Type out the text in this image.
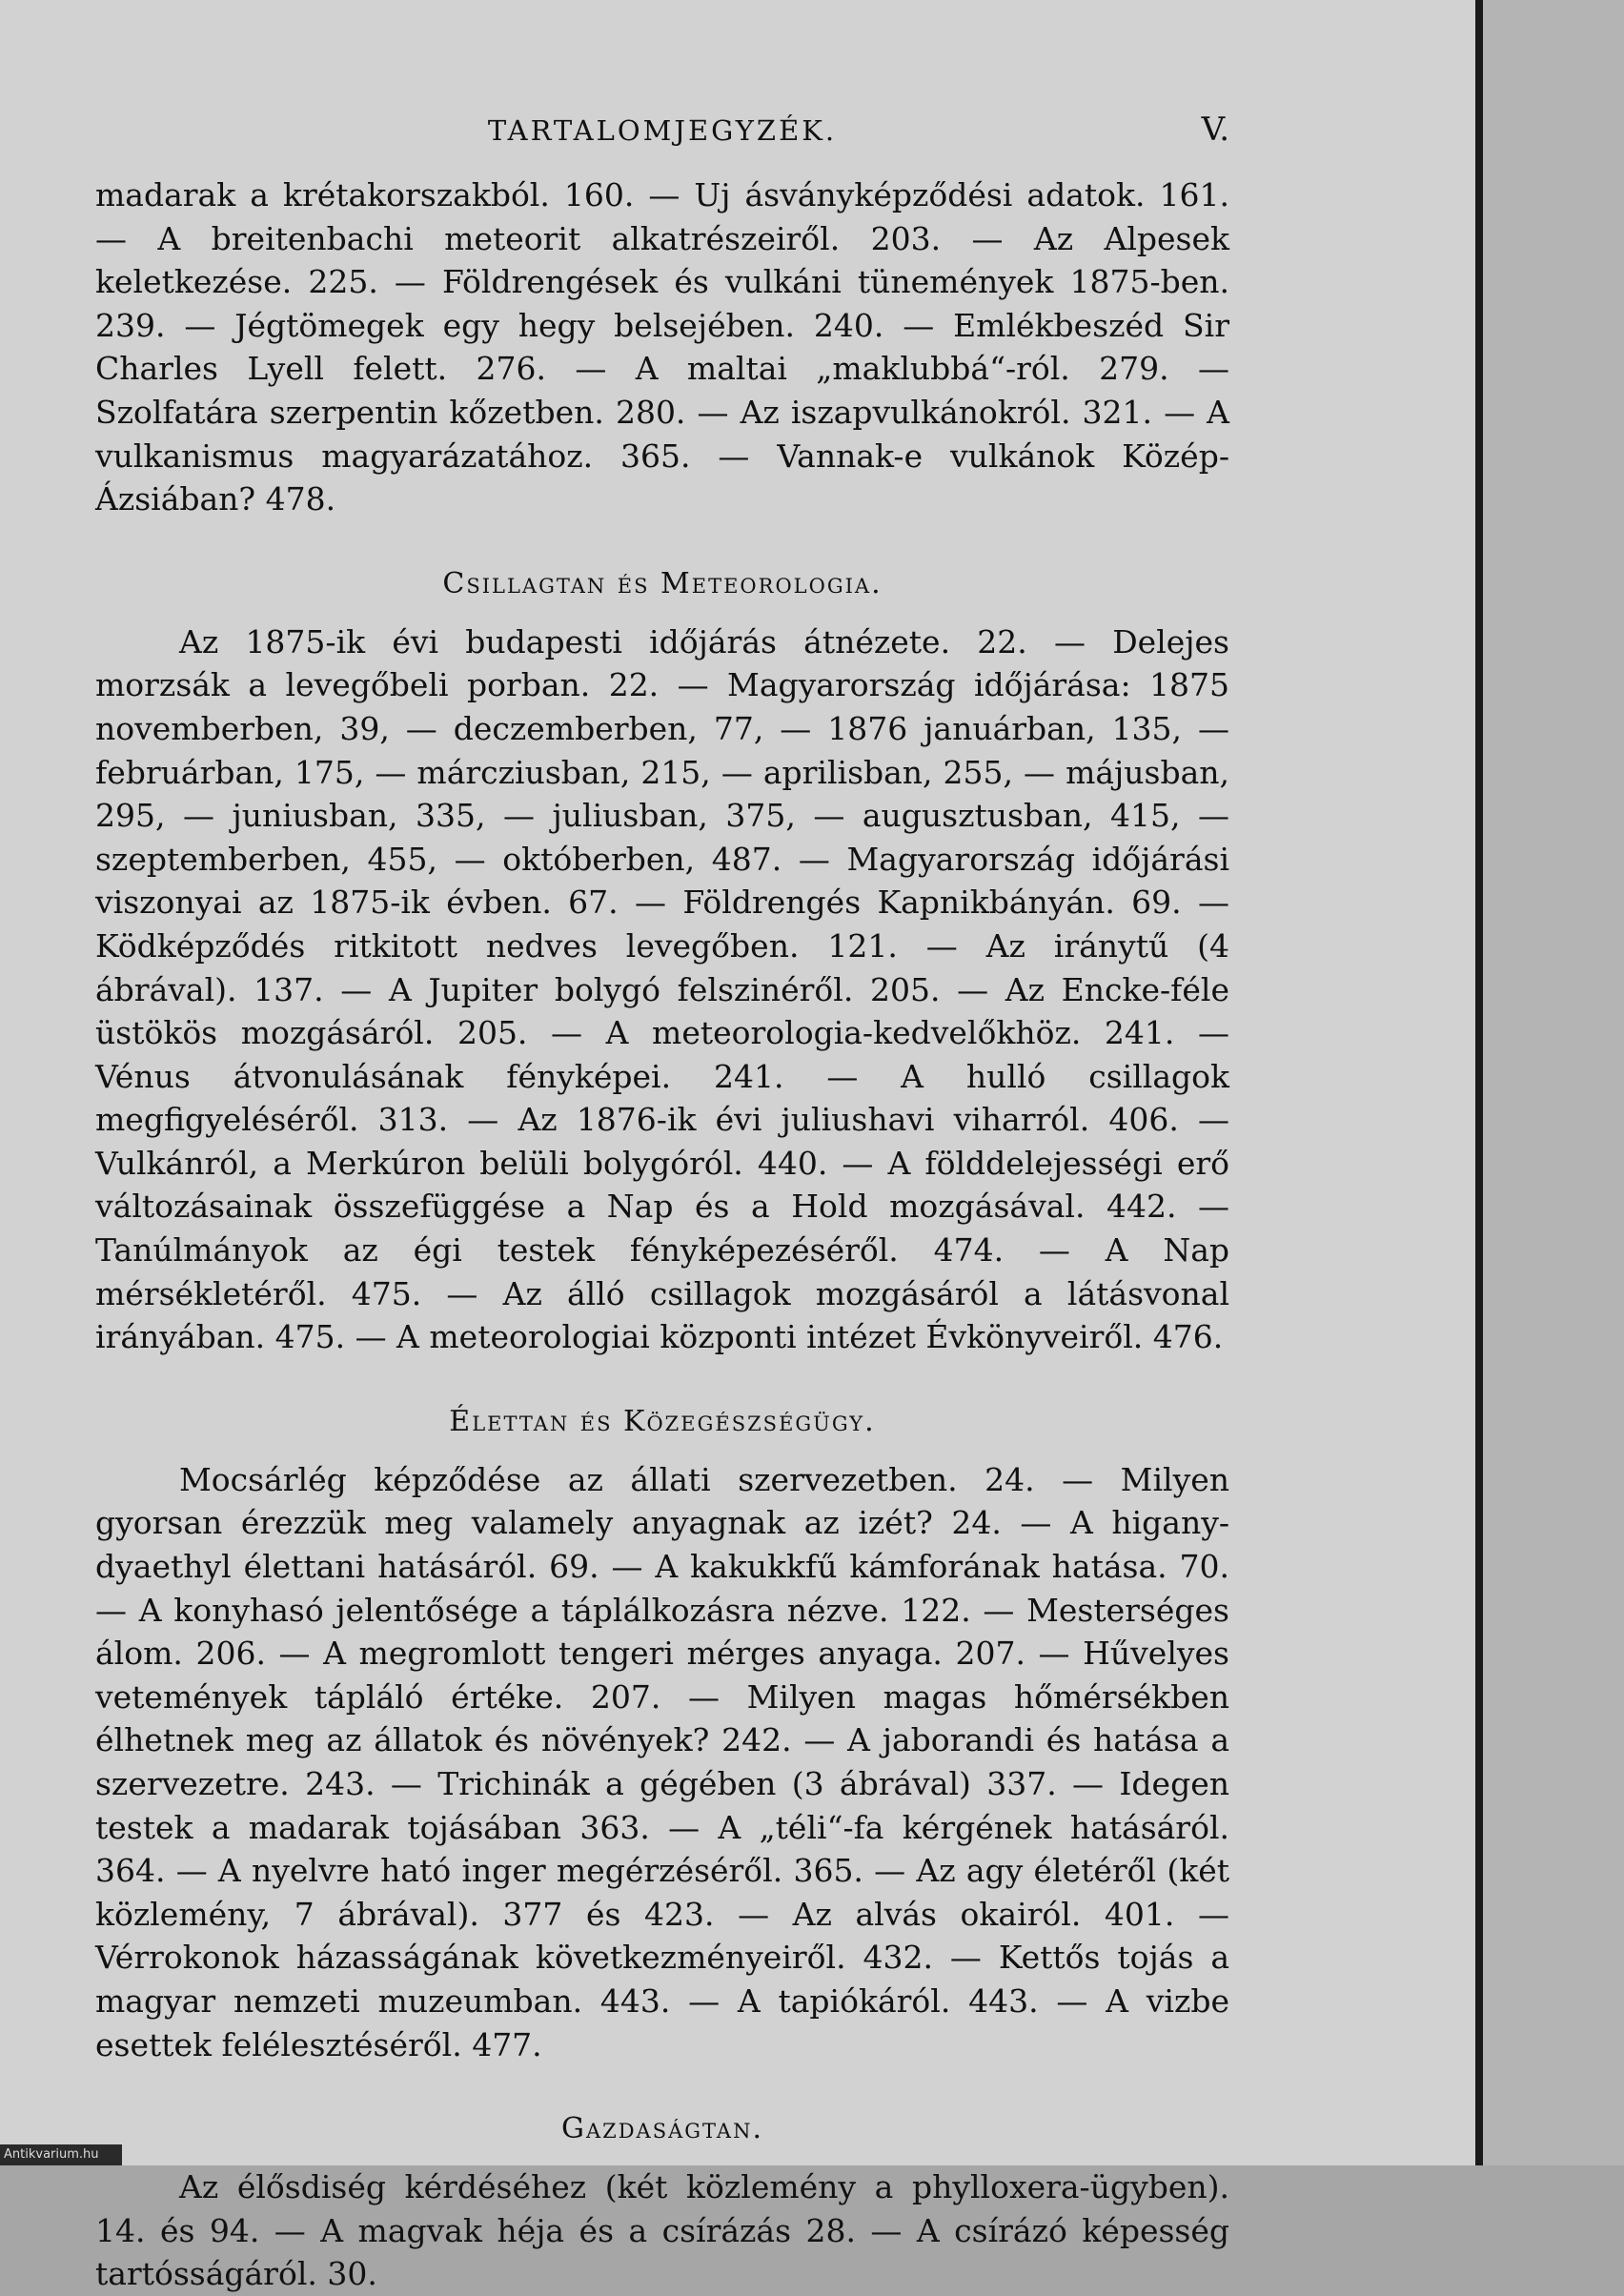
TARTALOMJEGYZÉK.	V.

madarak a krétakorszakból. 160. — Uj ásványképződési adatok. 161. — A breitenbachi meteorit alkatrészeiről. 203. — Az Alpesek keletkezése. 225. — Földrengések és vulkáni tünemények 1875-ben. 239. — Jégtömegek egy hegy belsejében. 240. — Emlékbeszéd Sir Charles Lyell felett. 276. — A maltai „maklubbá“-ról. 279. — Szolfatára szerpentin kőzetben. 280. — Az iszapvulkánokról. 321. — A vulkanismus magyarázatához. 365. — Vannak-e vulkánok Közép-Ázsiában? 478.

Csillagtan és Meteorologia.

Az 1875-ik évi budapesti időjárás átnézete. 22. — Delejes morzsák a levegőbeli porban. 22. — Magyarország időjárása: 1875 novemberben, 39, — deczemberben, 77, — 1876 januárban, 135, — februárban, 175, — márcziusban, 215, — aprilisban, 255, — májusban, 295, — juniusban, 335, — juliusban, 375, — augusztusban, 415, — szeptemberben, 455, — októberben, 487. — Magyarország időjárási viszonyai az 1875-ik évben. 67. — Földrengés Kapnikbányán. 69. — Ködképződés ritkitott nedves levegőben. 121. — Az iránytű (4 ábrával). 137. — A Jupiter bolygó felszinéről. 205. — Az Encke-féle üstökös mozgásáról. 205. — A meteorologia-kedvelőkhöz. 241. — Vénus átvonulásának fényképei. 241. — A hulló csillagok megfigyeléséről. 313. — Az 1876-ik évi juliushavi viharról. 406. — Vulkánról, a Merkúron belüli bolygóról. 440. — A földdelejességi erő változásainak összefüggése a Nap és a Hold mozgásával. 442. — Tanúlmányok az égi testek fényképezéséről. 474. — A Nap mérsékletéről. 475. — Az álló csillagok mozgásáról a látásvonal irányában. 475. — A meteorologiai központi intézet Évkönyveiről. 476.

Élettan és Közegészségügy.

Mocsárlég képződése az állati szervezetben. 24. — Milyen gyorsan érezzük meg valamely anyagnak az izét? 24. — A higany-dyaethyl élettani hatásáról. 69. — A kakukkfű kámforának hatása. 70. — A konyhasó jelentősége a táplálkozásra nézve. 122. — Mesterséges álom. 206. — A megromlott tengeri mérges anyaga. 207. — Hűvelyes vetemények tápláló értéke. 207. — Milyen magas hőmérsékben élhetnek meg az állatok és növények? 242. — A jaborandi és hatása a szervezetre. 243. — Trichinák a gégében (3 ábrával) 337. — Idegen testek a madarak tojásában 363. — A „téli“-fa kérgének hatásáról. 364. — A nyelvre ható inger megérzéséről. 365. — Az agy életéről (két közlemény, 7 ábrával). 377 és 423. — Az alvás okairól. 401. — Vérrokonok házasságának következményeiről. 432. — Kettős tojás a magyar nemzeti muzeumban. 443. — A tapiókáról. 443. — A vizbe esettek felélesztéséről. 477.

Gazdaságtan.

Az élősdiség kérdéséhez (két közlemény a phylloxera-ügyben). 14. és 94. — A magvak héja és a csírázás 28. — A csírázó képesség tartósságáról. 30.

Antikvarium.hu
